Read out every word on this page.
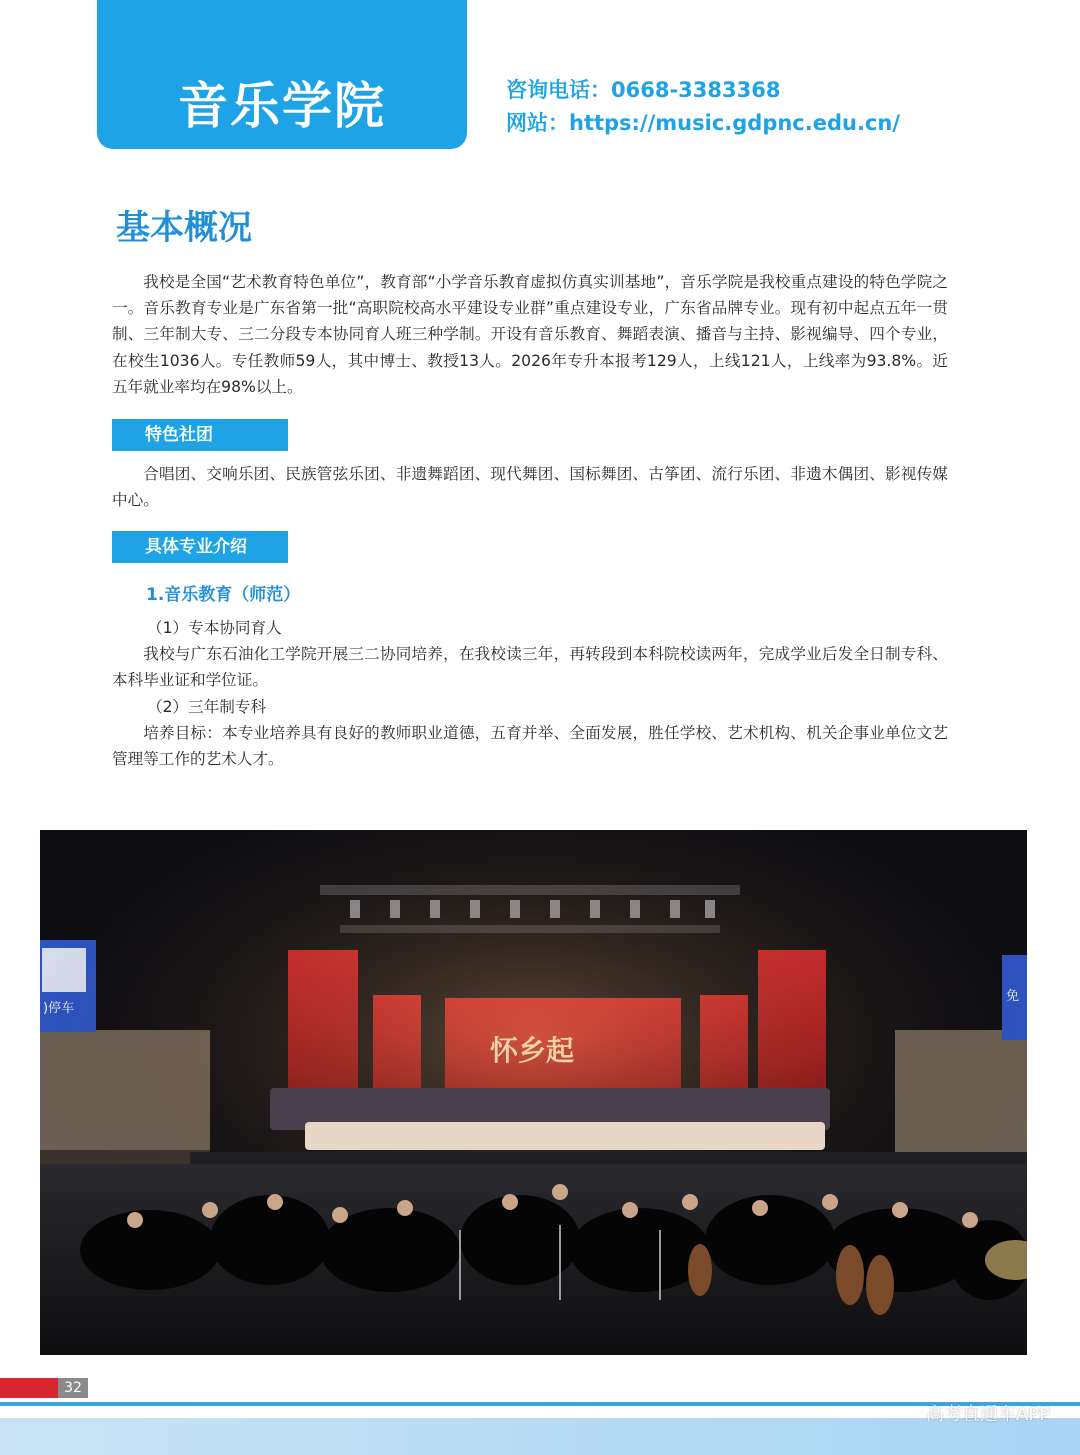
音乐学院	咨询电话：0668-3383368
网站：https://music.gdpnc.edu.cn/
基本概况

我校是全国“艺术教育特色单位”，教育部“小学音乐教育虚拟仿真实训基地”，音乐学院是我校重点建设的特色学院之一。音乐教育专业是广东省第一批“高职院校高水平建设专业群”重点建设专业，广东省品牌专业。现有初中起点五年一贯制、三年制大专、三二分段专本协同育人班三种学制。开设有音乐教育、舞蹈表演、播音与主持、影视编导、四个专业，在校生1036人。专任教师59人，其中博士、教授13人。2026年专升本报考129人，上线121人，上线率为93.8%。近五年就业率均在98%以上。

特色社团

合唱团、交响乐团、民族管弦乐团、非遗舞蹈团、现代舞团、国标舞团、古筝团、流行乐团、非遗木偶团、影视传媒中心。

具体专业介绍
1.音乐教育（师范）
（1）专本协同育人

我校与广东石油化工学院开展三二协同培养，在我校读三年，再转段到本科院校读两年，完成学业后发全日制专科、本科毕业证和学位证。

（2）三年制专科

培养目标：本专业培养具有良好的教师职业道德，五育并举、全面发展，胜任学校、艺术机构、机关企事业单位文艺管理等工作的艺术人才。

32
高考直通车APP
